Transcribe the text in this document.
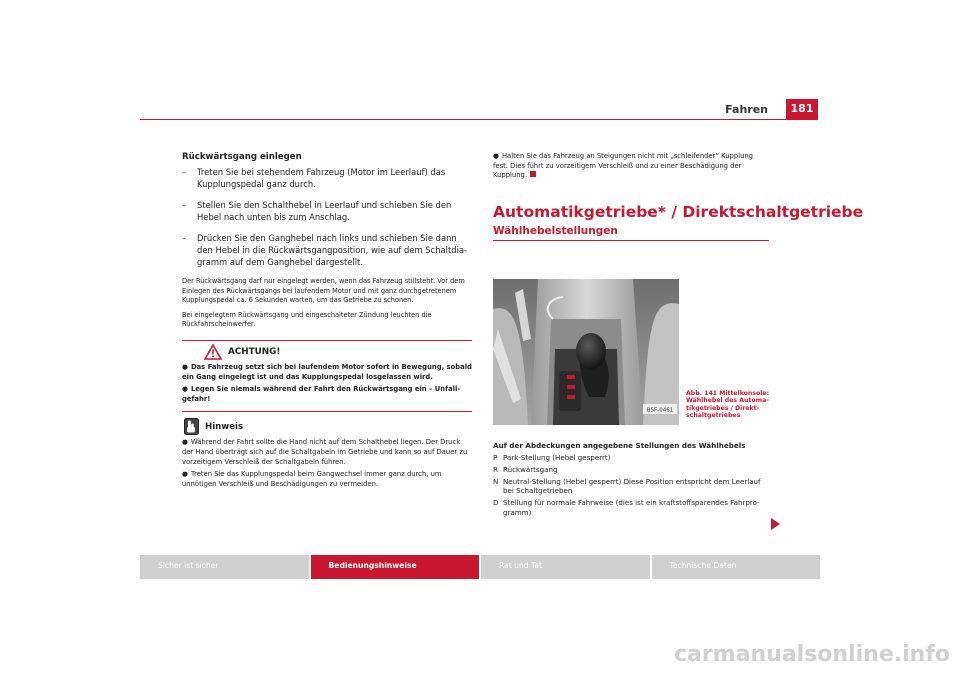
Fahren	181
Rückwärtsgang einlegen
– Treten Sie bei stehendem Fahrzeug (Motor im Leerlauf) das Kupplungspedal ganz durch.
– Stellen Sie den Schalthebel in Leerlauf und schieben Sie den Hebel nach unten bis zum Anschlag.
– Drücken Sie den Ganghebel nach links und schieben Sie dann den Hebel in die Rückwärtsgangposition, wie auf dem Schaltdia-gramm auf dem Ganghebel dargestellt.

Der Rückwärtsgang darf nur eingelegt werden, wenn das Fahrzeug stillsteht. Vor dem Einlegen des Rückwärtsgangs bei laufendem Motor und mit ganz durchgetretenem Kupplungspedal ca. 6 Sekunden warten, um das Getriebe zu schonen.

Bei eingelegtem Rückwärtsgang und eingeschalteter Zündung leuchten die Rückfahrscheinwerfer.

ACHTUNG!

● Das Fahrzeug setzt sich bei laufendem Motor sofort in Bewegung, sobald ein Gang eingelegt ist und das Kupplungspedal losgelassen wird.

● Legen Sie niemals während der Fahrt den Rückwärtsgang ein – Unfall-gefahr!

Hinweis

● Während der Fahrt sollte die Hand nicht auf dem Schalthebel liegen. Der Druck der Hand überträgt sich auf die Schaltgabeln im Getriebe und kann so auf Dauer zu vorzeitigem Verschleiß der Schaltgabeln führen.

● Treten Sie das Kupplungspedal beim Gangwechsel immer ganz durch, um unnötigen Verschleiß und Beschädigungen zu vermeiden.

● Halten Sie das Fahrzeug an Steigungen nicht mit „schleifender“ Kupplung fest. Dies führt zu vorzeitigem Verschleiß und zu einer Beschädigung der Kupplung.

Automatikgetriebe* / Direktschaltgetriebe
Wählhebelstellungen
B5F-0461
Abb. 141 Mittelkonsole: Wählhebel des Automa-tikgetriebes / Direkt-schaltgetriebes
Auf der Abdeckungen angegebene Stellungen des Wählhebels
P Park-Stellung (Hebel gesperrt)
R Rückwärtsgang
N Neutral-Stellung (Hebel gesperrt) Diese Position entspricht dem Leerlauf bei Schaltgetrieben
D Stellung für normale Fahrweise (dies ist ein kraftstoffsparendes Fahrpro-gramm)
Sicher ist sicher	Bedienungshinweise	Rat und Tat	Technische Daten
carmanualsonline.info
